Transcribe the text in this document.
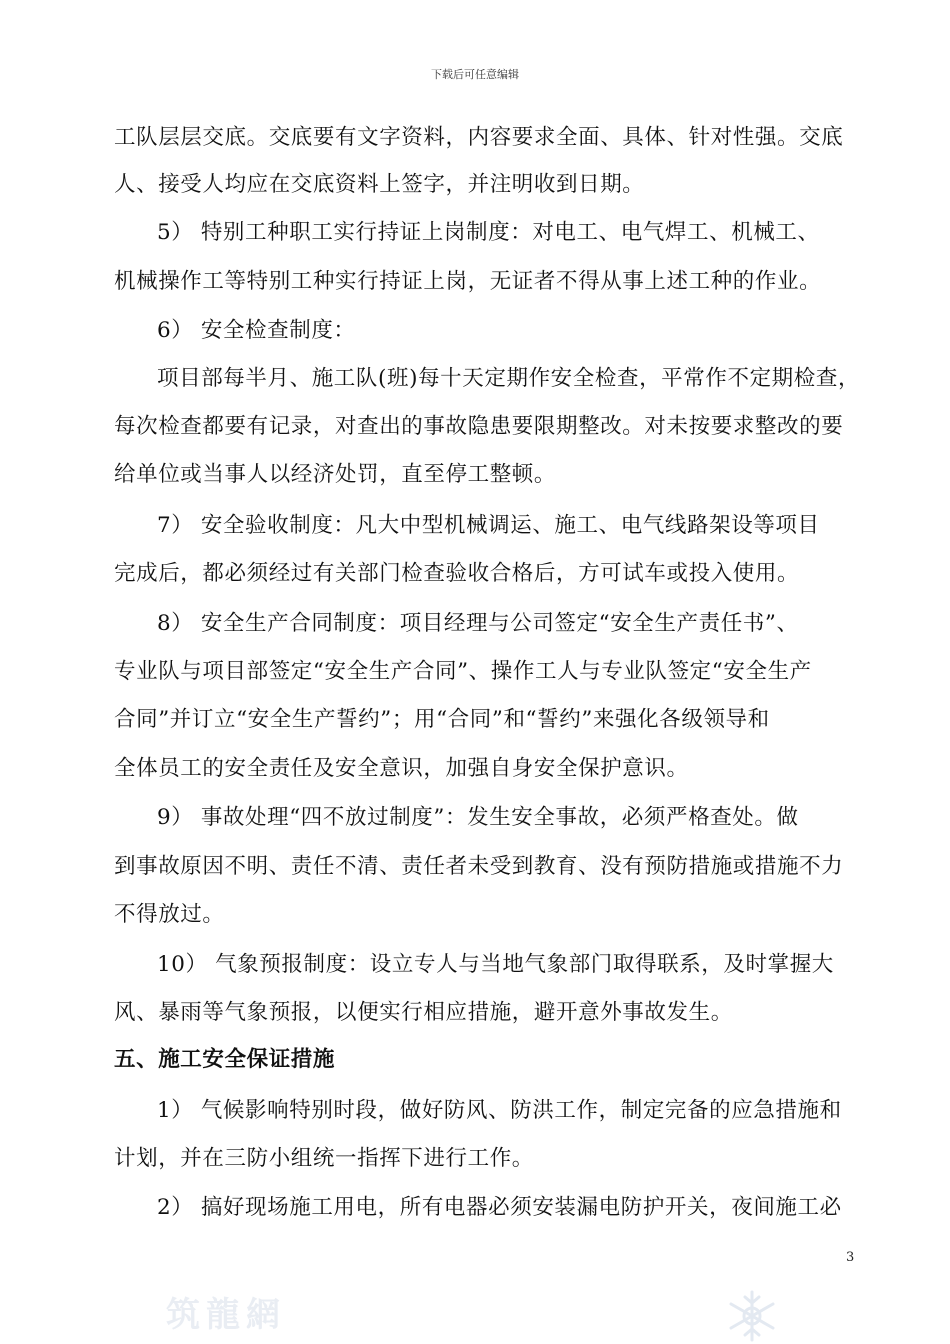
下载后可任意编辑
工队层层交底。交底要有文字资料，内容要求全面、具体、针对性强。交底
人、接受人均应在交底资料上签字，并注明收到日期。
5） 特别工种职工实行持证上岗制度：对电工、电气焊工、机械工、
机械操作工等特别工种实行持证上岗，无证者不得从事上述工种的作业。
6） 安全检查制度：
项目部每半月、施工队(班)每十天定期作安全检查，平常作不定期检查，
每次检查都要有记录，对查出的事故隐患要限期整改。对未按要求整改的要
给单位或当事人以经济处罚，直至停工整顿。
7） 安全验收制度：凡大中型机械调运、施工、电气线路架设等项目
完成后，都必须经过有关部门检查验收合格后，方可试车或投入使用。
8） 安全生产合同制度：项目经理与公司签定“安全生产责任书”、
专业队与项目部签定“安全生产合同”、操作工人与专业队签定“安全生产
合同”并订立“安全生产誓约”；用“合同”和“誓约”来强化各级领导和
全体员工的安全责任及安全意识，加强自身安全保护意识。
9） 事故处理“四不放过制度”：发生安全事故，必须严格查处。做
到事故原因不明、责任不清、责任者未受到教育、没有预防措施或措施不力
不得放过。
10） 气象预报制度：设立专人与当地气象部门取得联系，及时掌握大
风、暴雨等气象预报，以便实行相应措施，避开意外事故发生。
五、施工安全保证措施
1） 气候影响特别时段，做好防风、防洪工作，制定完备的应急措施和
计划，并在三防小组统一指挥下进行工作。
2） 搞好现场施工用电，所有电器必须安装漏电防护开关，夜间施工必
3
筑龍網
